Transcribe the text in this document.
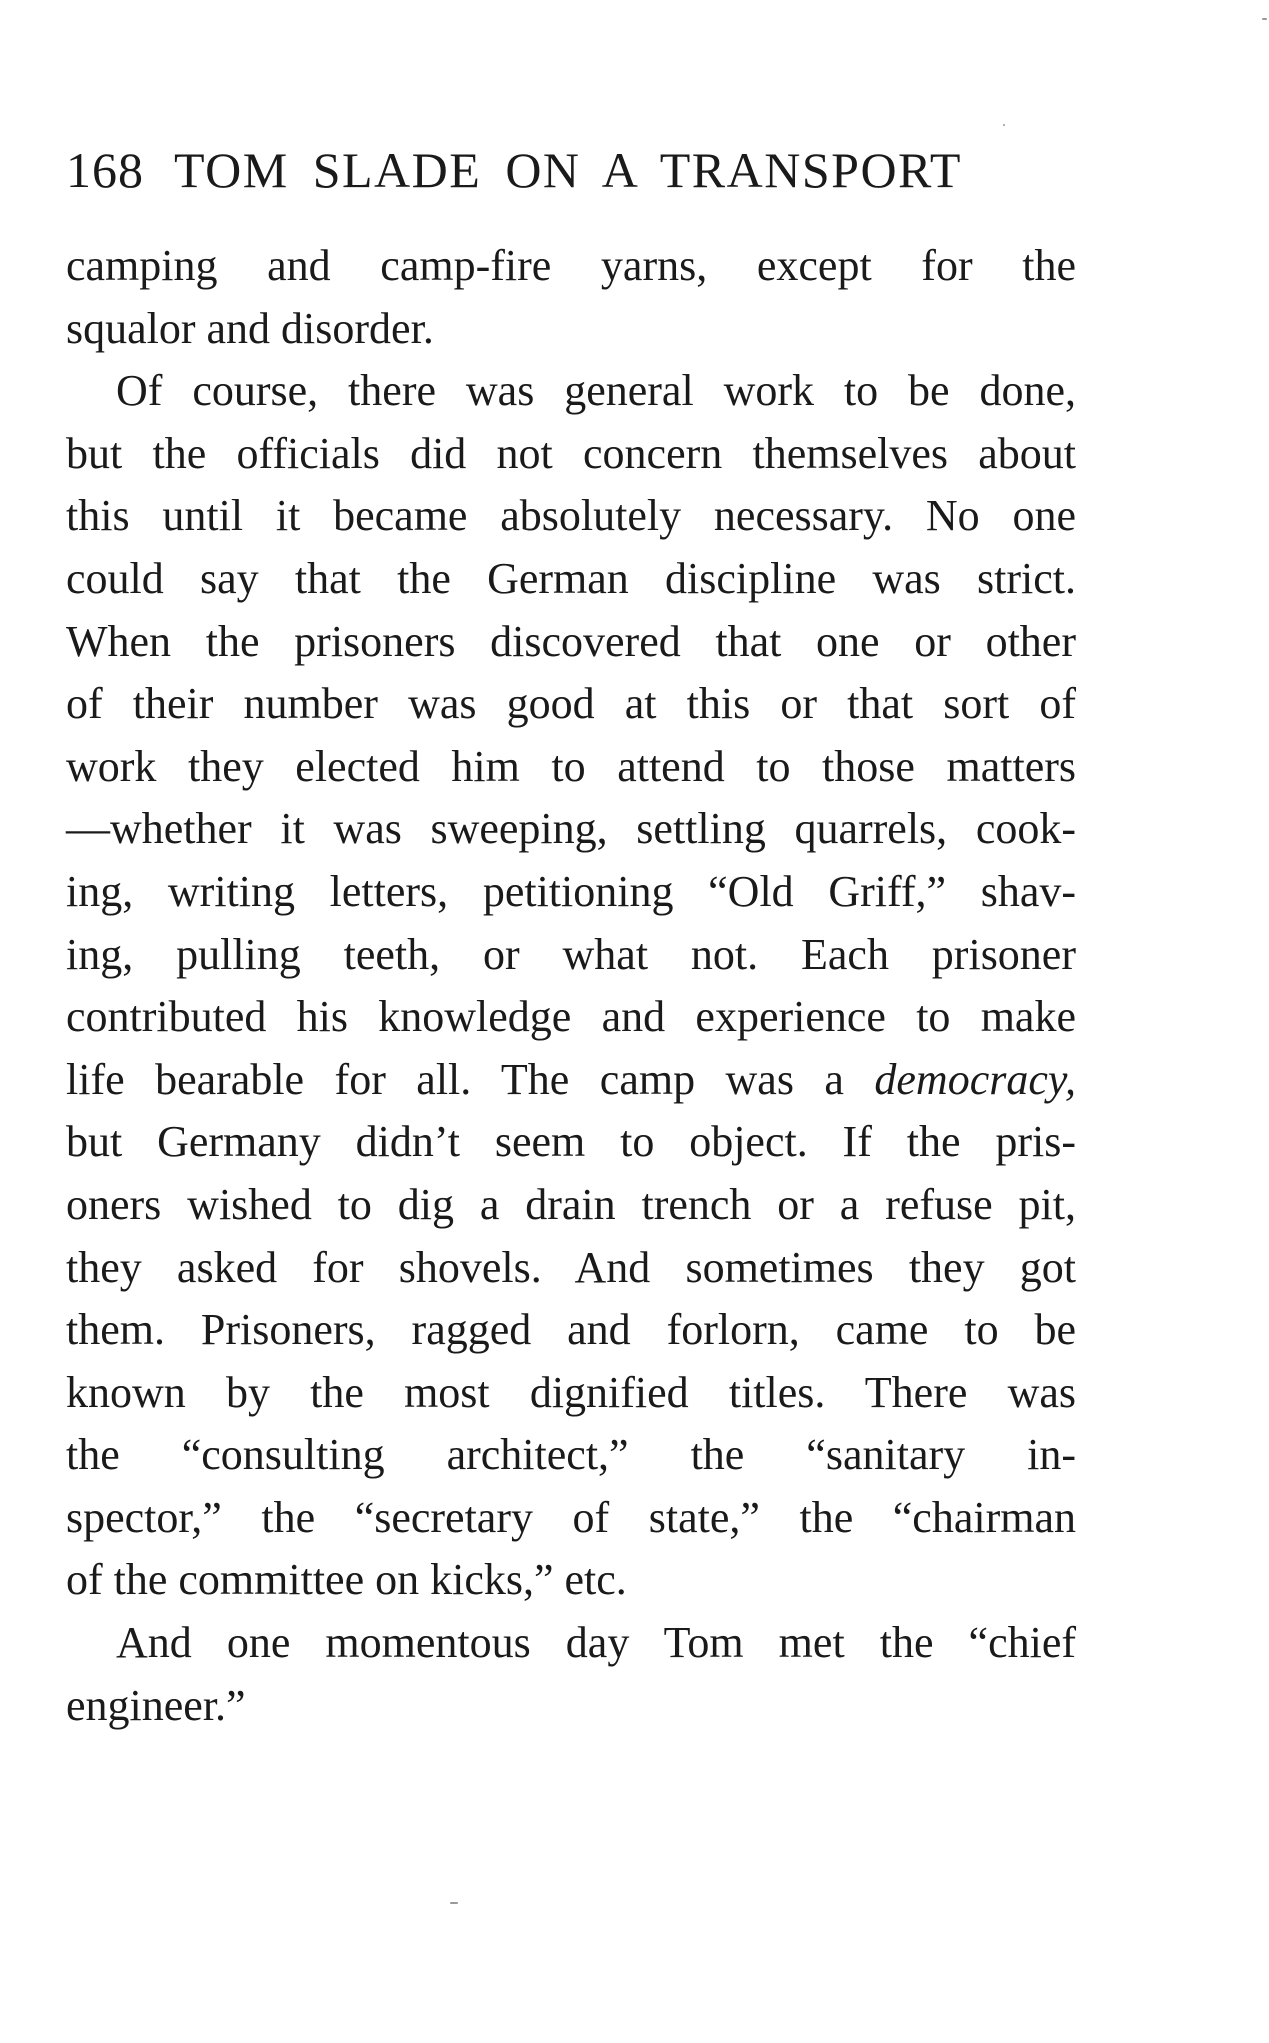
168 TOM SLADE ON A TRANSPORT
camping and camp-fire yarns, except for the
squalor and disorder.
Of course, there was general work to be done,
but the officials did not concern themselves about
this until it became absolutely necessary. No one
could say that the German discipline was strict.
When the prisoners discovered that one or other
of their number was good at this or that sort of
work they elected him to attend to those matters
—whether it was sweeping, settling quarrels, cook-
ing, writing letters, petitioning “Old Griff,” shav-
ing, pulling teeth, or what not. Each prisoner
contributed his knowledge and experience to make
life bearable for all. The camp was a democracy,
but Germany didn’t seem to object. If the pris-
oners wished to dig a drain trench or a refuse pit,
they asked for shovels. And sometimes they got
them. Prisoners, ragged and forlorn, came to be
known by the most dignified titles. There was
the “consulting architect,” the “sanitary in-
spector,” the “secretary of state,” the “chairman
of the committee on kicks,” etc.
And one momentous day Tom met the “chief
engineer.”
